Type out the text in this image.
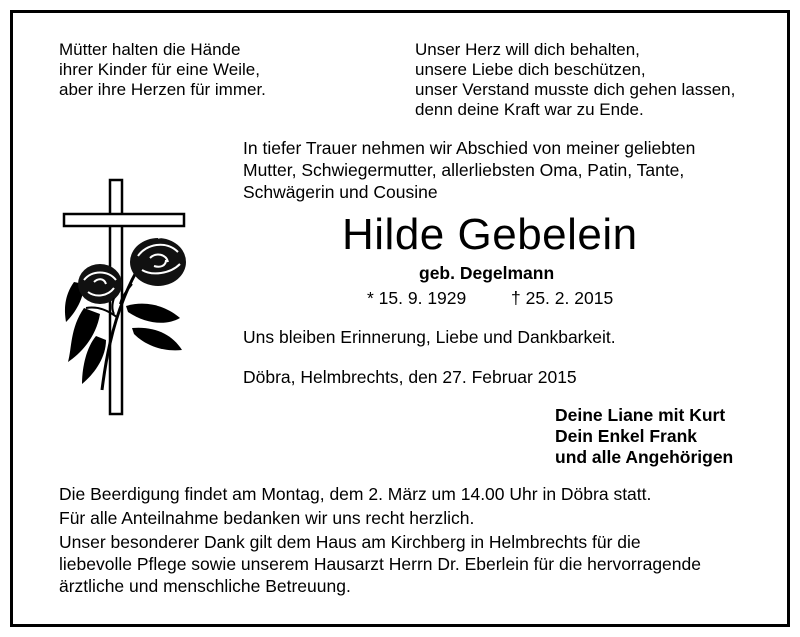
Mütter halten die Hände
ihrer Kinder für eine Weile,
aber ihre Herzen für immer.
Unser Herz will dich behalten,
unsere Liebe dich beschützen,
unser Verstand musste dich gehen lassen,
denn deine Kraft war zu Ende.
In tiefer Trauer nehmen wir Abschied von meiner geliebten
Mutter, Schwiegermutter, allerliebsten Oma, Patin, Tante,
Schwägerin und Cousine
Hilde Gebelein
geb. Degelmann
* 15. 9. 1929	† 25. 2. 2015
Uns bleiben Erinnerung, Liebe und Dankbarkeit.
Döbra, Helmbrechts, den 27. Februar 2015
Deine Liane mit Kurt
Dein Enkel Frank
und alle Angehörigen
Die Beerdigung findet am Montag, dem 2. März um 14.00 Uhr in Döbra statt.
Für alle Anteilnahme bedanken wir uns recht herzlich.
Unser besonderer Dank gilt dem Haus am Kirchberg in Helmbrechts für die
liebevolle Pflege sowie unserem Hausarzt Herrn Dr. Eberlein für die hervorragende
ärztliche und menschliche Betreuung.
